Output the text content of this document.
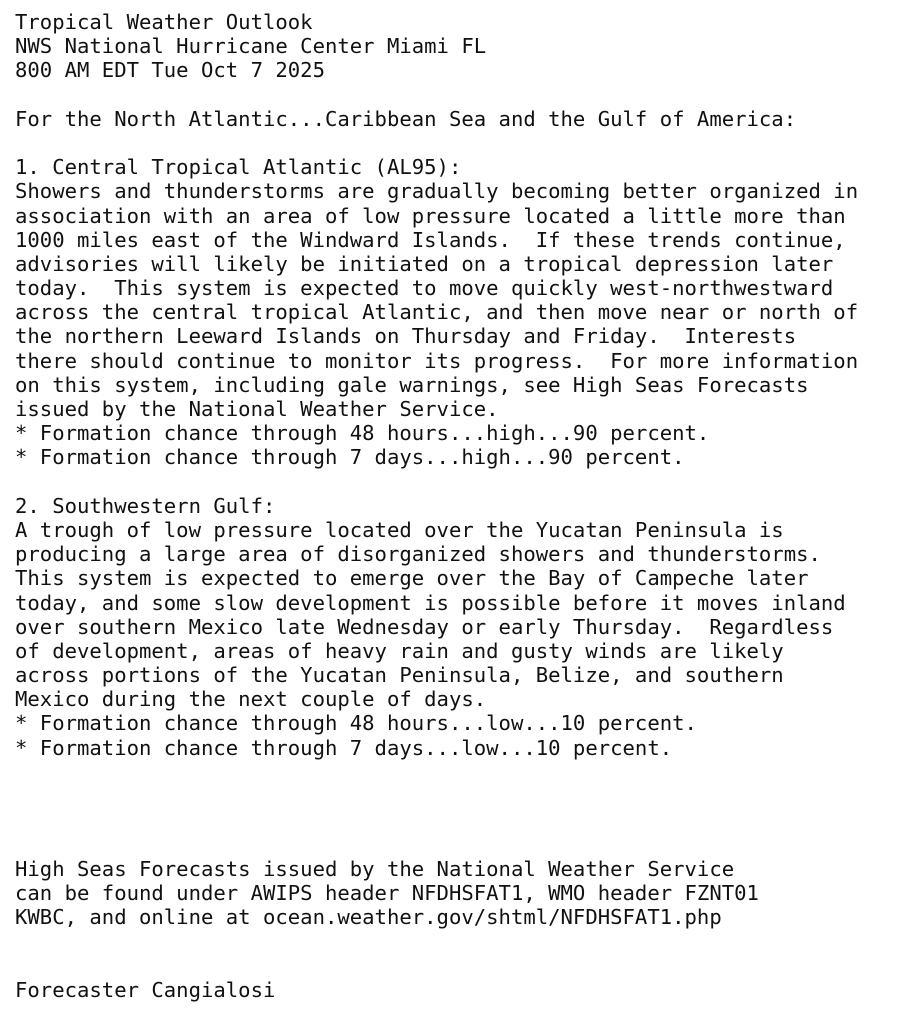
Tropical Weather Outlook
NWS National Hurricane Center Miami FL
800 AM EDT Tue Oct 7 2025
For the North Atlantic...Caribbean Sea and the Gulf of America:
1. Central Tropical Atlantic (AL95):
Showers and thunderstorms are gradually becoming better organized in
association with an area of low pressure located a little more than
1000 miles east of the Windward Islands.  If these trends continue,
advisories will likely be initiated on a tropical depression later
today.  This system is expected to move quickly west-northwestward
across the central tropical Atlantic, and then move near or north of
the northern Leeward Islands on Thursday and Friday.  Interests
there should continue to monitor its progress.  For more information
on this system, including gale warnings, see High Seas Forecasts
issued by the National Weather Service.
* Formation chance through 48 hours...high...90 percent.
* Formation chance through 7 days...high...90 percent.
2. Southwestern Gulf:
A trough of low pressure located over the Yucatan Peninsula is
producing a large area of disorganized showers and thunderstorms.
This system is expected to emerge over the Bay of Campeche later
today, and some slow development is possible before it moves inland
over southern Mexico late Wednesday or early Thursday.  Regardless
of development, areas of heavy rain and gusty winds are likely
across portions of the Yucatan Peninsula, Belize, and southern
Mexico during the next couple of days.
* Formation chance through 48 hours...low...10 percent.
* Formation chance through 7 days...low...10 percent.
High Seas Forecasts issued by the National Weather Service
can be found under AWIPS header NFDHSFAT1, WMO header FZNT01
KWBC, and online at ocean.weather.gov/shtml/NFDHSFAT1.php
Forecaster Cangialosi
